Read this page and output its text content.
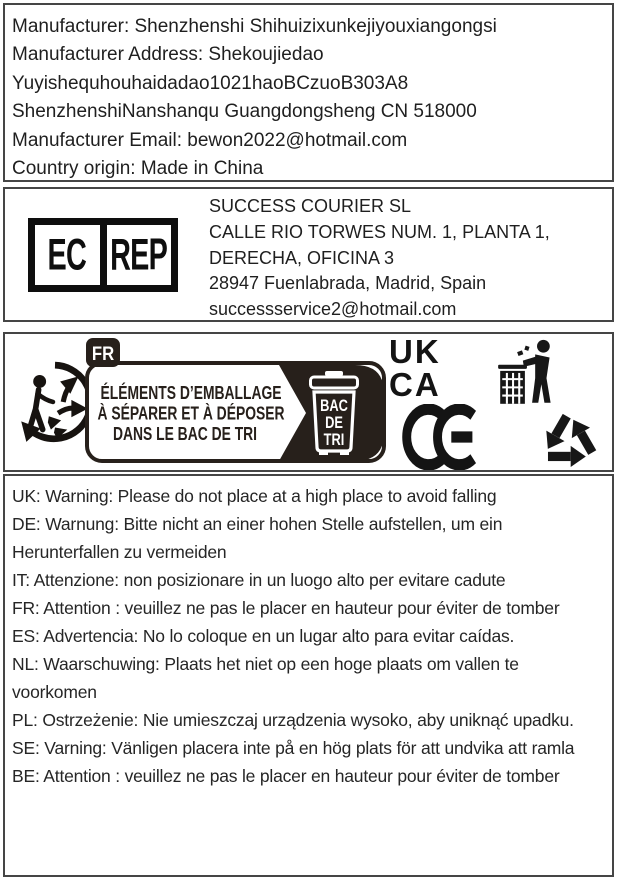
Manufacturer: Shenzhenshi Shihuizixunkejiyouxiangongsi
Manufacturer Address: Shekoujiedao
Yuyishequhouhaidadao1021haoBCzuoB303A8
ShenzhenshiNanshanqu Guangdongsheng CN 518000
Manufacturer Email: bewon2022@hotmail.com
Country origin: Made in China
EC REP
SUCCESS COURIER SL
CALLE RIO TORWES NUM. 1, PLANTA 1,
DERECHA, OFICINA 3
28947 Fuenlabrada, Madrid, Spain
successservice2@hotmail.com
FR
ÉLÉMENTS D’EMBALLAGE
À SÉPARER ET À DÉPOSER
DANS LE BAC DE TRI
BAC
DE
TRI
UK
CA

UK: Warning: Please do not place at a high place to avoid falling

DE: Warnung: Bitte nicht an einer hohen Stelle aufstellen, um ein Herunterfallen zu vermeiden

IT: Attenzione: non posizionare in un luogo alto per evitare cadute

FR: Attention : veuillez ne pas le placer en hauteur pour éviter de tomber

ES: Advertencia: No lo coloque en un lugar alto para evitar caídas.

NL: Waarschuwing: Plaats het niet op een hoge plaats om vallen te voorkomen

PL: Ostrzeżenie: Nie umieszczaj urządzenia wysoko, aby uniknąć upadku.

SE: Varning: Vänligen placera inte på en hög plats för att undvika att ramla

BE: Attention : veuillez ne pas le placer en hauteur pour éviter de tomber
